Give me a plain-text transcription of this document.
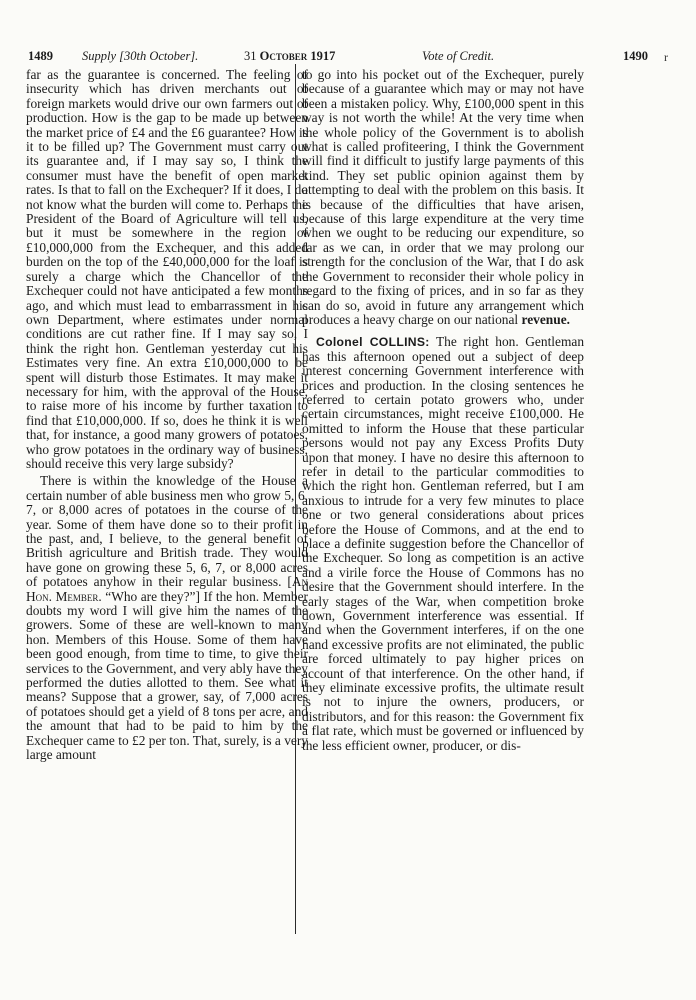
1489 Supply [30th October].	31 October 1917	Vote of Credit.	1490 r

far as the guarantee is concerned. The feeling of insecurity which has driven merchants out of foreign markets would drive our own farmers out of production. How is the gap to be made up between the market price of £4 and the £6 guarantee? How is it to be filled up? The Government must carry out its guarantee and, if I may say so, I think the consumer must have the benefit of open market rates. Is that to fall on the Exchequer? If it does, I do not know what the burden will come to. Perhaps the President of the Board of Agriculture will tell us, but it must be somewhere in the region of £10,000,000 from the Exchequer, and this added burden on the top of the £40,000,000 for the loaf is surely a charge which the Chancellor of the Exchequer could not have anticipated a few months ago, and which must lead to embarrassment in his own Department, where estimates under normal conditions are cut rather fine. If I may say so, I think the right hon. Gentleman yesterday cut his Estimates very fine. An extra £10,000,000 to be spent will disturb those Estimates. It may make it necessary for him, with the approval of the House, to raise more of his income by further taxation to find that £10,000,000. If so, does he think it is well that, for instance, a good many growers of potatoes, who grow potatoes in the ordinary way of business, should receive this very large subsidy?

There is within the knowledge of the House a certain number of able business men who grow 5, 6, 7, or 8,000 acres of potatoes in the course of the year. Some of them have done so to their profit in the past, and, I believe, to the general benefit of British agriculture and British trade. They would have gone on growing these 5, 6, 7, or 8,000 acres of potatoes anyhow in their regular business. [An Hon. Member. “Who are they?”] If the hon. Member doubts my word I will give him the names of the growers. Some of these are well-known to many hon. Members of this House. Some of them have been good enough, from time to time, to give their services to the Government, and very ably have they performed the duties allotted to them. See what it means? Suppose that a grower, say, of 7,000 acres of potatoes should get a yield of 8 tons per acre, and the amount that had to be paid to him by the Exchequer came to £2 per ton. That, surely, is a very large amount

to go into his pocket out of the Exchequer, purely because of a guarantee which may or may not have been a mistaken policy. Why, £100,000 spent in this way is not worth the while! At the very time when the whole policy of the Government is to abolish what is called profiteering, I think the Government will find it difficult to justify large payments of this kind. They set public opinion against them by attempting to deal with the problem on this basis. It is because of the difficulties that have arisen, because of this large expenditure at the very time when we ought to be reducing our expenditure, so far as we can, in order that we may prolong our strength for the conclusion of the War, that I do ask the Government to reconsider their whole policy in regard to the fixing of prices, and in so far as they can do so, avoid in future any arrangement which produces a heavy charge on our national revenue.

Colonel COLLINS: The right hon. Gentleman has this afternoon opened out a subject of deep interest concerning Government interference with prices and production. In the closing sentences he referred to certain potato growers who, under certain circumstances, might receive £100,000. He omitted to inform the House that these particular persons would not pay any Excess Profits Duty upon that money. I have no desire this afternoon to refer in detail to the particular commodities to which the right hon. Gentleman referred, but I am anxious to intrude for a very few minutes to place one or two general considerations about prices before the House of Commons, and at the end to place a definite suggestion before the Chancellor of the Exchequer. So long as competition is an active and a virile force the House of Commons has no desire that the Government should interfere. In the early stages of the War, when competition broke down, Government interference was essential. If and when the Government interferes, if on the one hand excessive profits are not eliminated, the public are forced ultimately to pay higher prices on account of that interference. On the other hand, if they eliminate excessive profits, the ultimate result is not to injure the owners, producers, or distributors, and for this reason: the Government fix a flat rate, which must be governed or influenced by the less efficient owner, producer, or dis-
